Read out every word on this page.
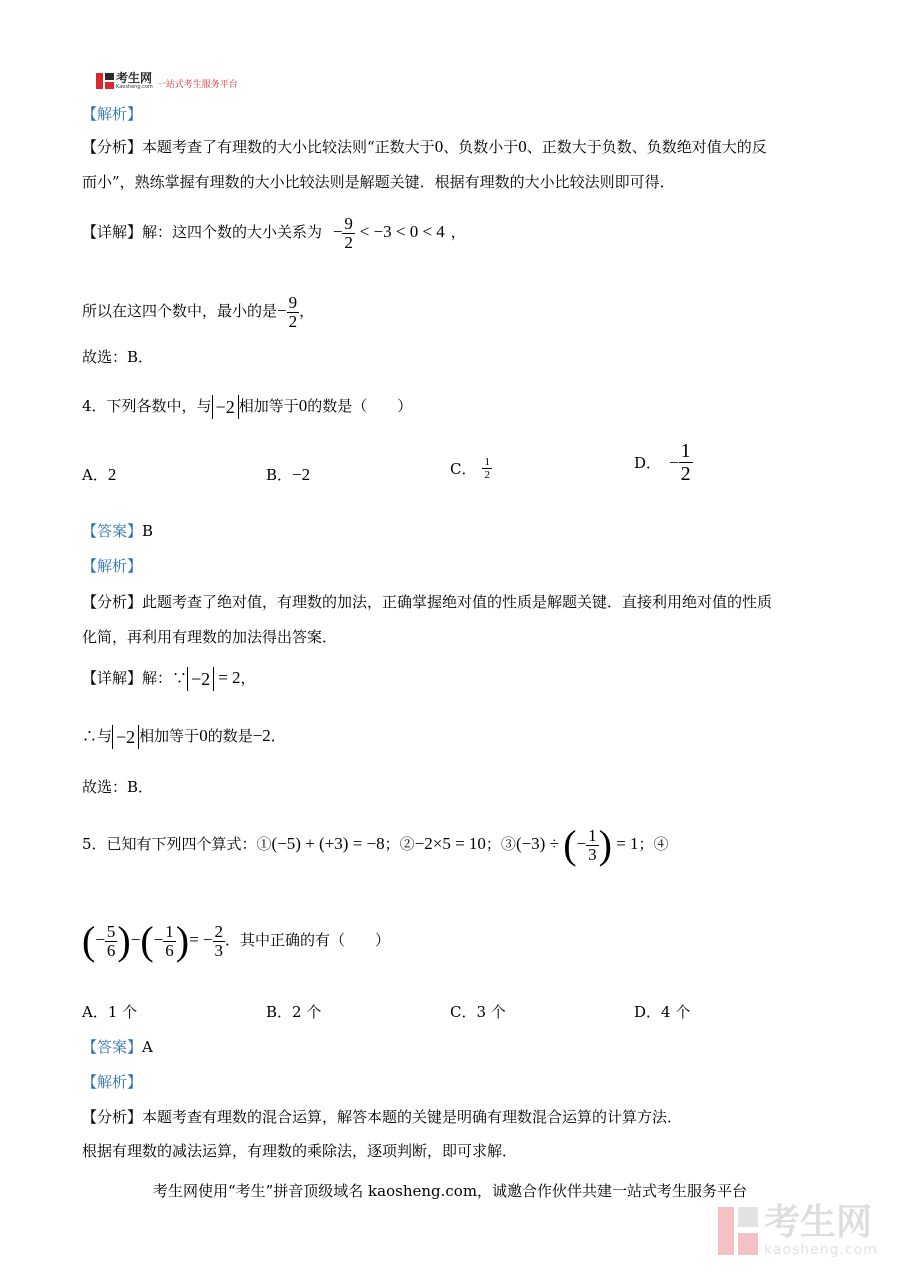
考生网
Kaosheng.com 一站式考生服务平台
【解析】
【分析】本题考查了有理数的大小比较法则“正数大于0、负数小于0、正数大于负数、负数绝对值大的反
而小”，熟练掌握有理数的大小比较法则是解题关键．根据有理数的大小比较法则即可得．
【详解】解：这四个数的大小关系为 − $\frac{9}{2} < -3 < 0 < 4$ ，
所以在这四个数中，最小的是− $\frac{9}{2}$ ，
故选：B．
4．下列各数中，与 −2 相加等于0的数是（　　）
A．2	B．−2	C． $\frac{1}{2}$	D． − $\frac{1}{2}$
【答案】B
【解析】
【分析】此题考查了绝对值，有理数的加法，正确掌握绝对值的性质是解题关键．直接利用绝对值的性质
化简，再利用有理数的加法得出答案．
【详解】解：∵ −2 = 2，
∴与 −2 相加等于0的数是−2．
故选：B．
5．已知有下列四个算式：①(−5) + (+3) = −8；②−2×5 = 10；③(−3) ÷ (− $\frac{1}{3}$ ) = 1；④
(− $\frac{5}{6}$ )−(− $\frac{1}{6}$ )= − $\frac{2}{3}$ ．其中正确的有（　　）
A．1 个	B．2 个	C．3 个	D．4 个
【答案】A
【解析】
【分析】本题考查有理数的混合运算，解答本题的关键是明确有理数混合运算的计算方法．
根据有理数的减法运算，有理数的乘除法，逐项判断，即可求解．
考生网使用“考生”拼音顶级域名 kaosheng.com，诚邀合作伙伴共建一站式考生服务平台
考生网
kaosheng.com
